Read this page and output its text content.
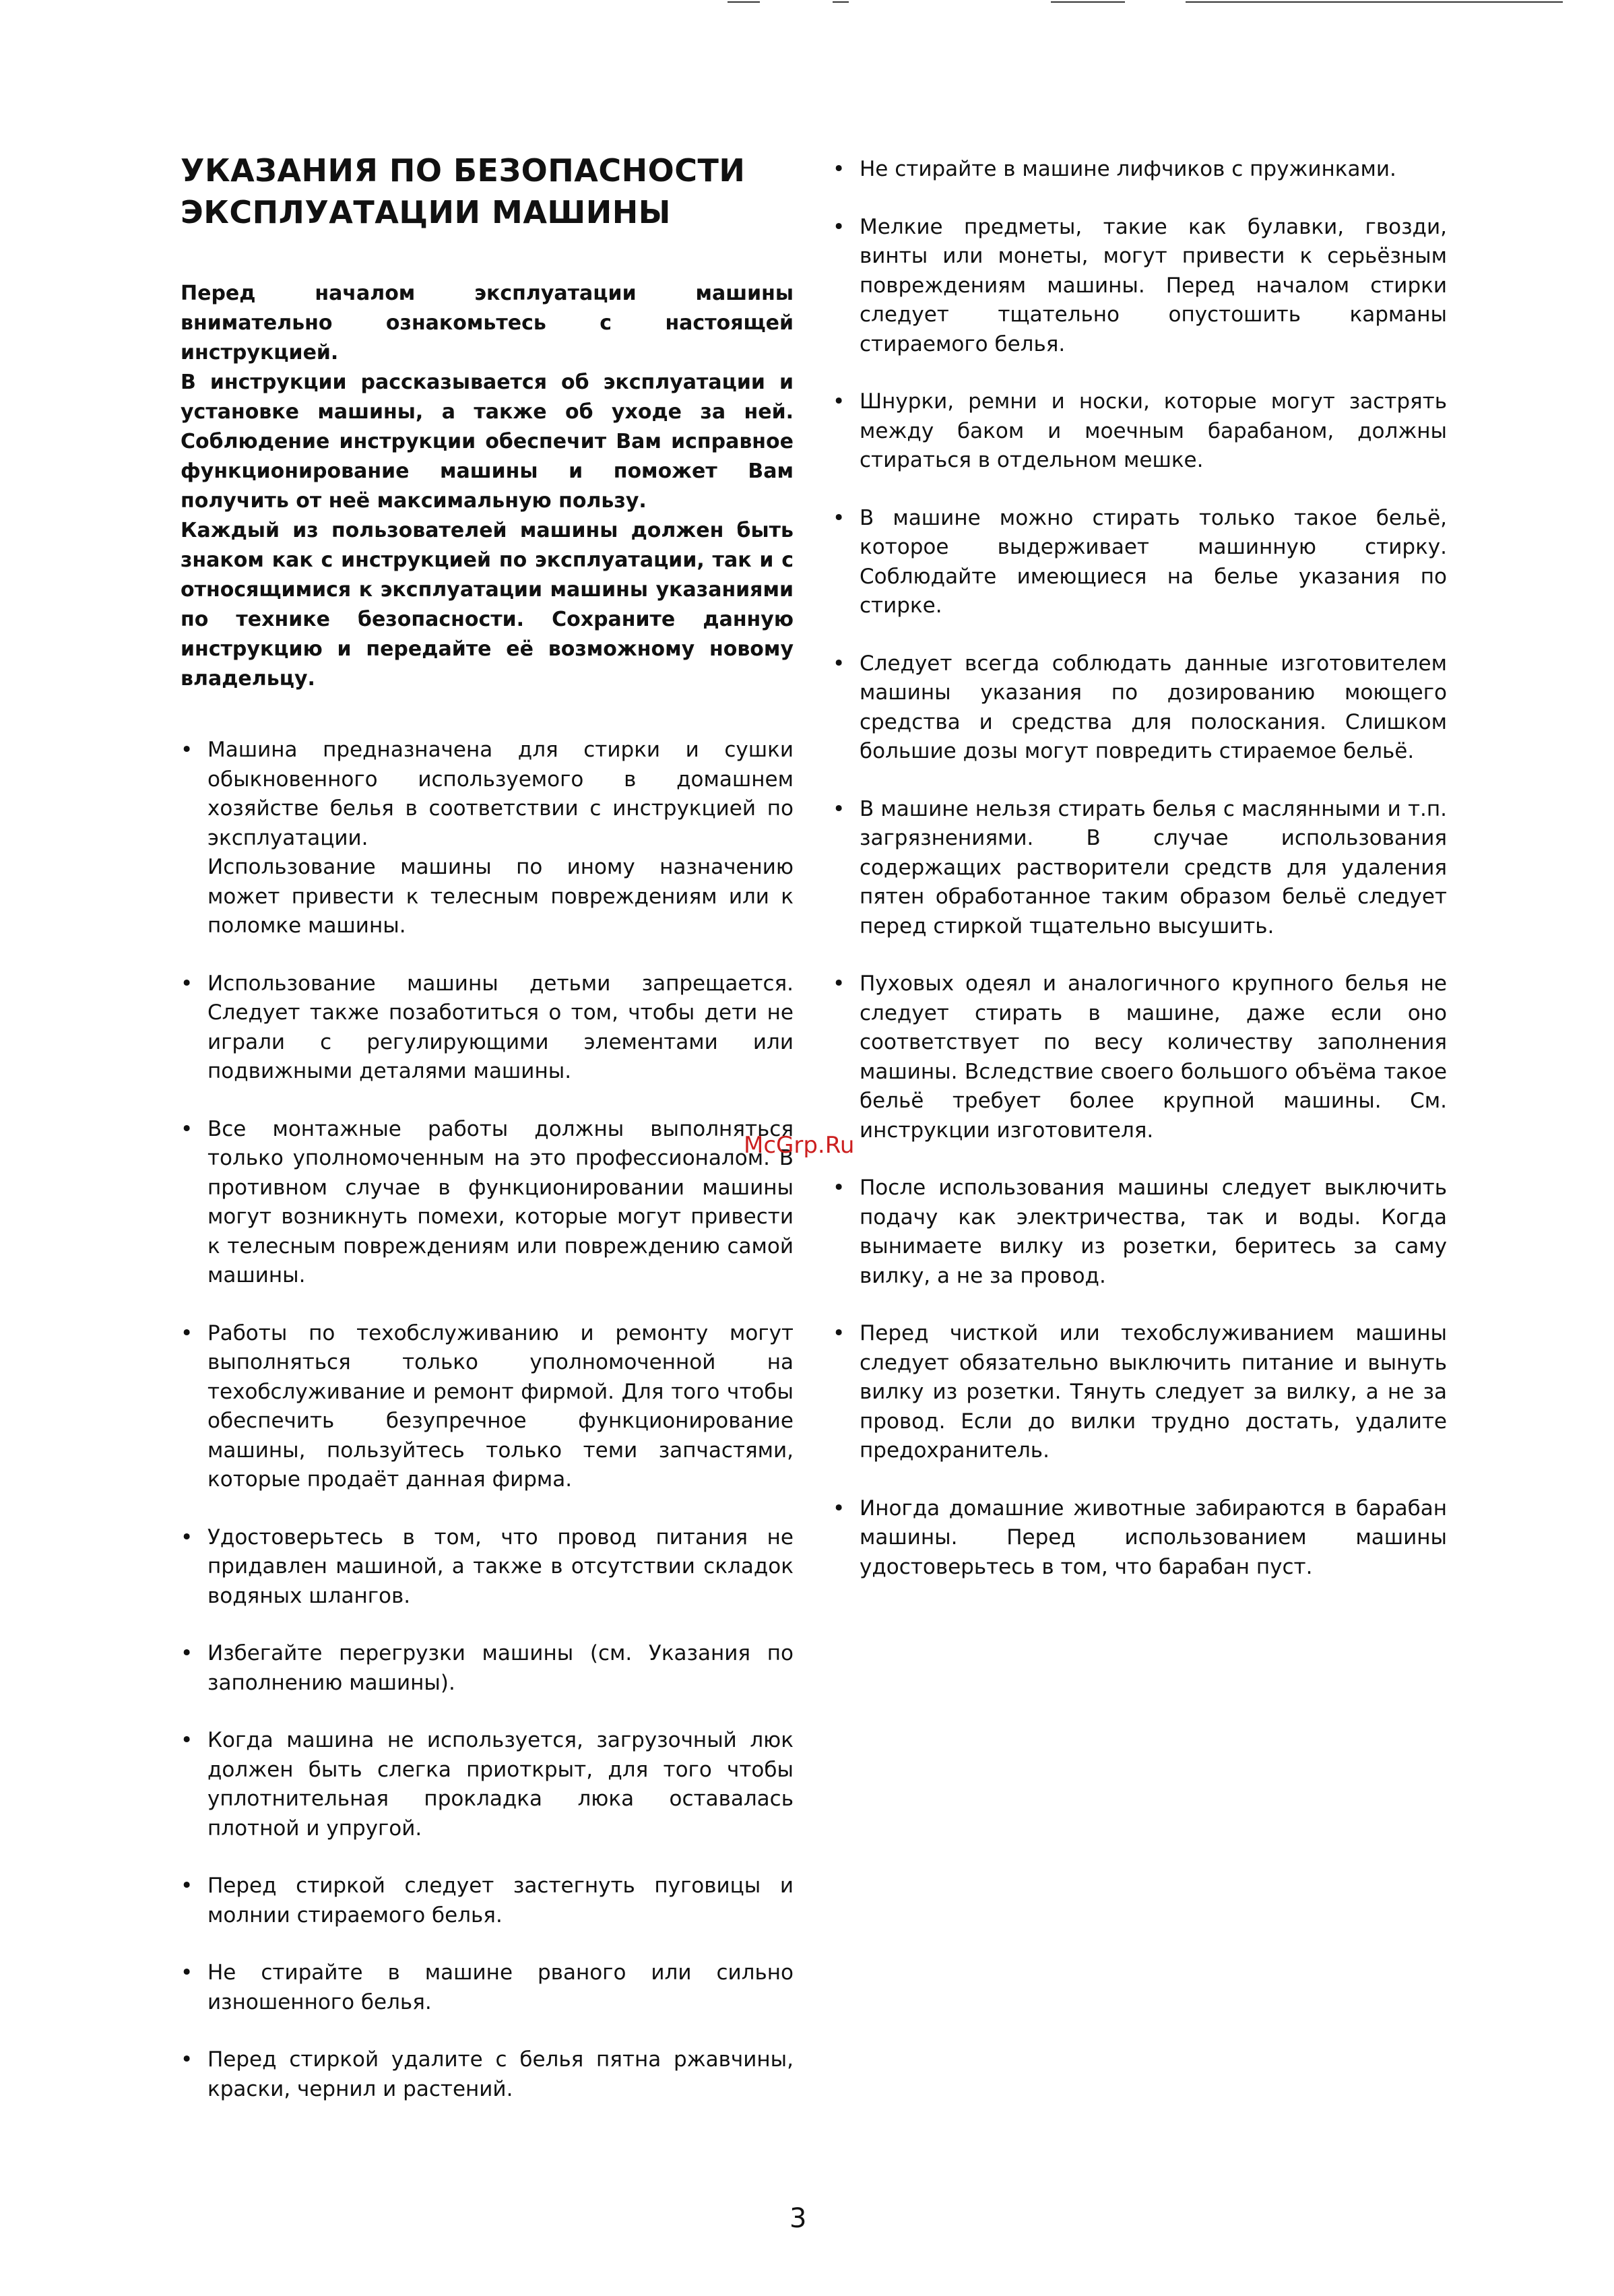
УКАЗАНИЯ ПО БЕЗОПАСНОСТИ ЭКСПЛУАТАЦИИ МАШИНЫ

Перед началом эксплуатации машины внимательно ознакомьтесь с настоящей инструкцией.

В инструкции рассказывается об эксплуатации и установке машины, а также об уходе за ней. Соблюдение инструкции обеспечит Вам исправное функционирование машины и поможет Вам получить от неё максимальную пользу.

Каждый из пользователей машины должен быть знаком как с инструкцией по эксплуатации, так и с относящимися к эксплуатации машины указаниями по технике безопасности. Сохраните данную инструкцию и передайте её возможному новому владельцу.

• Машина предназначена для стирки и сушки обыкновенного используемого в домашнем хозяйстве белья в соответствии с инструкцией по эксплуатации.
Использование машины по иному назначению может привести к телесным повреждениям или к поломке машины.
• Использование машины детьми запрещается. Следует также позаботиться о том, чтобы дети не играли с регулирующими элементами или подвижными деталями машины.
• Все монтажные работы должны выполняться только уполномоченным на это профессионалом. В противном случае в функционировании машины могут возникнуть помехи, которые могут привести к телесным повреждениям или повреждению самой машины.
• Работы по техобслуживанию и ремонту могут выполняться только уполномоченной на техобслуживание и ремонт фирмой. Для того чтобы обеспечить безупречное функционирование машины, пользуйтесь только теми запчастями, которые продаёт данная фирма.
• Удостоверьтесь в том, что провод питания не придавлен машиной, а также в отсутствии складок водяных шлангов.
• Избегайте перегрузки машины (см. Указания по заполнению машины).
• Когда машина не используется, загрузочный люк должен быть слегка приоткрыт, для того чтобы уплотнительная прокладка люка оставалась плотной и упругой.
• Перед стиркой следует застегнуть пуговицы и молнии стираемого белья.
• Не стирайте в машине рваного или сильно изношенного белья.
• Перед стиркой удалите с белья пятна ржавчины, краски, чернил и растений.
• Не стирайте в машине лифчиков с пружинками.
• Мелкие предметы, такие как булавки, гвозди, винты или монеты, могут привести к серьёзным повреждениям машины. Перед началом стирки следует тщательно опустошить карманы стираемого белья.
• Шнурки, ремни и носки, которые могут застрять между баком и моечным барабаном, должны стираться в отдельном мешке.
• В машине можно стирать только такое бельё, которое выдерживает машинную стирку. Соблюдайте имеющиеся на белье указания по стирке.
• Следует всегда соблюдать данные изготовителем машины указания по дозированию моющего средства и средства для полоскания. Слишком большие дозы могут повредить стираемое бельё.
• В машине нельзя стирать белья с маслянными и т.п. загрязнениями. В случае использования содержащих растворители средств для удаления пятен обработанное таким образом бельё следует перед стиркой тщательно высушить.
• Пуховых одеял и аналогичного крупного белья не следует стирать в машине, даже если оно соответствует по весу количеству заполнения машины. Вследствие своего большого объёма такое бельё требует более крупной машины. См. инструкции изготовителя.
• После использования машины следует выключить подачу как электричества, так и воды. Когда вынимаете вилку из розетки, беритесь за саму вилку, а не за провод.
• Перед чисткой или техобслуживанием машины следует обязательно выключить питание и вынуть вилку из розетки. Тянуть следует за вилку, а не за провод. Если до вилки трудно достать, удалите предохранитель.
• Иногда домашние животные забираются в барабан машины. Перед использованием машины удостоверьтесь в том, что барабан пуст.
McGrp.Ru
3
